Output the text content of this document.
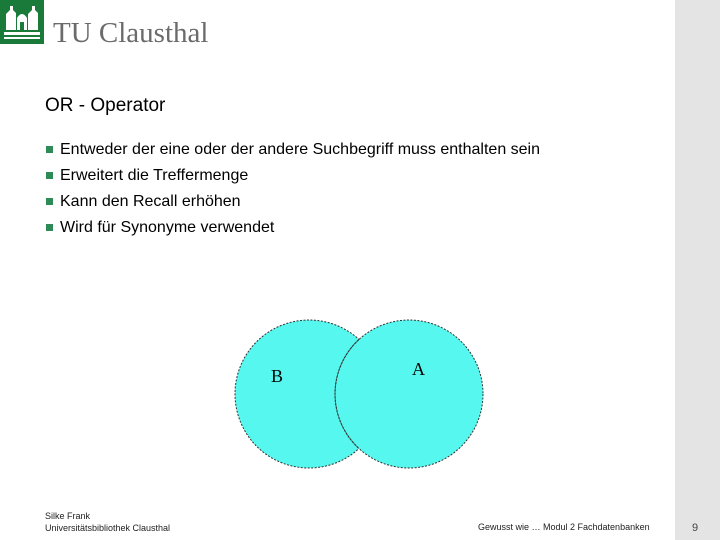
TU Clausthal
OR - Operator
Entweder der eine oder der andere Suchbegriff muss enthalten sein
Erweitert die Treffermenge
Kann den Recall erhöhen
Wird für Synonyme verwendet
B	A
Silke Frank
Universitätsbibliothek Clausthal	Gewusst wie … Modul 2 Fachdatenbanken	9
